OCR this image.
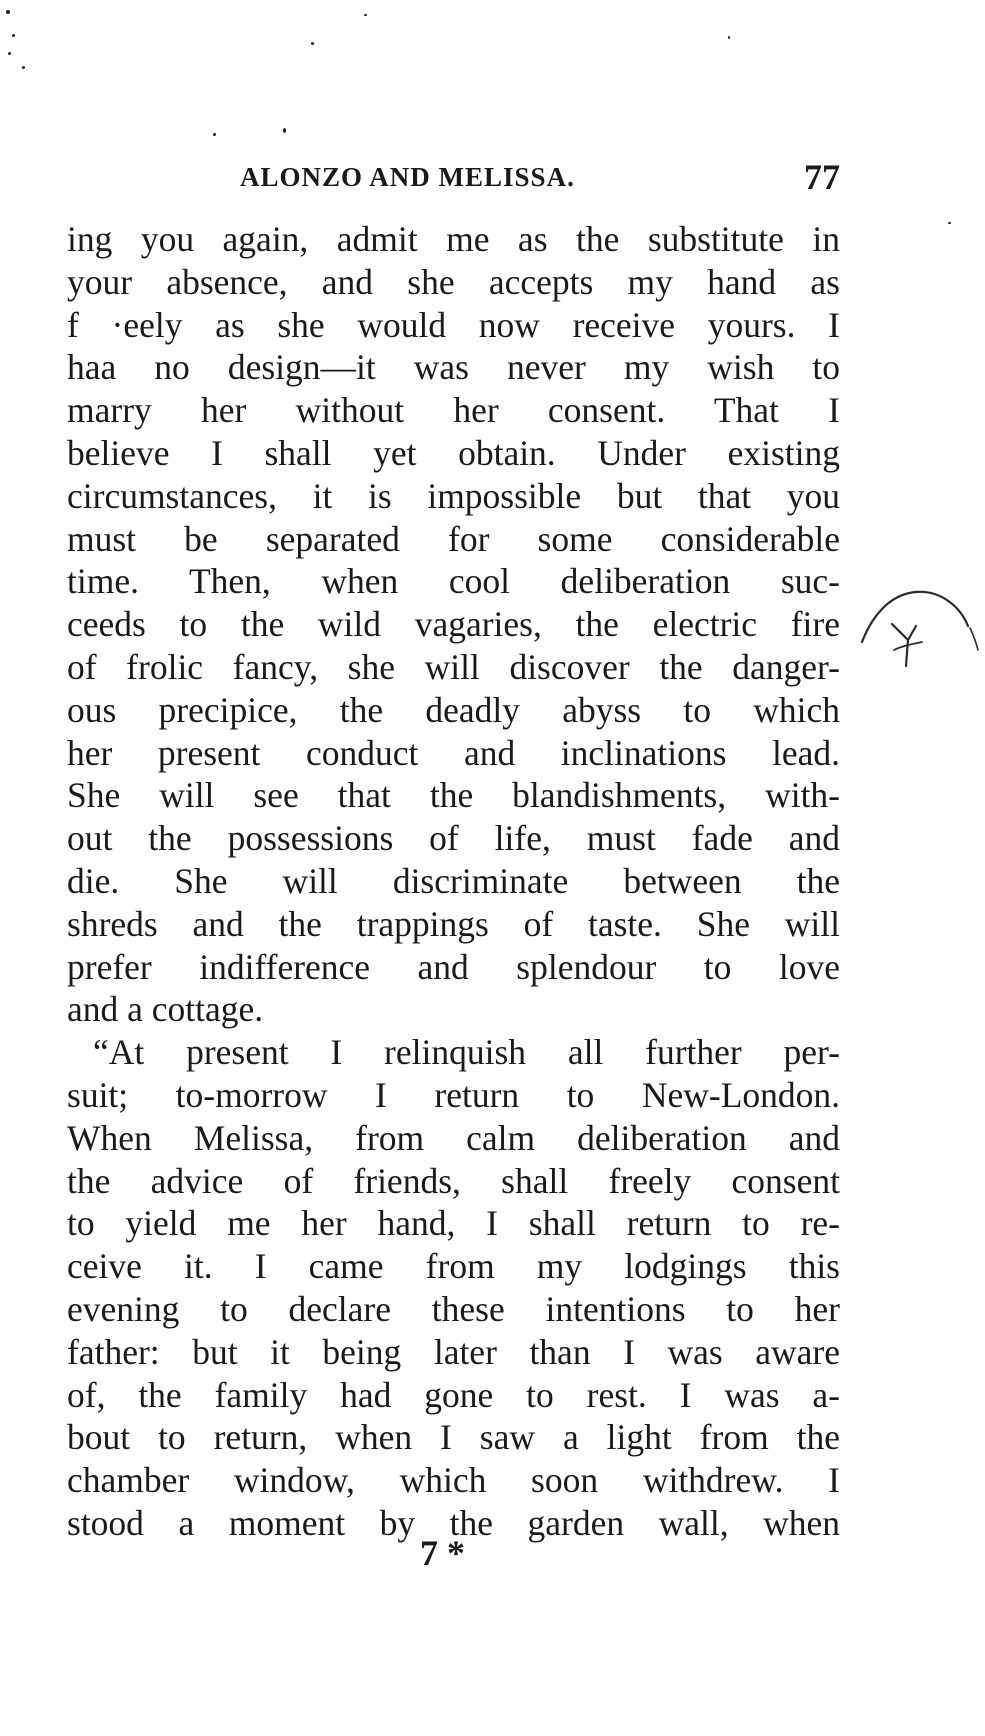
ALONZO AND MELISSA.	77
ing you again, admit me as the substitute in
your absence, and she accepts my hand as
f ·eely as she would now receive yours. I
haa no design—it was never my wish to
marry her without her consent. That I
believe I shall yet obtain. Under existing
circumstances, it is impossible but that you
must be separated for some considerable
time. Then, when cool deliberation suc-
ceeds to the wild vagaries, the electric fire
of frolic fancy, she will discover the danger-
ous precipice, the deadly abyss to which
her present conduct and inclinations lead.
She will see that the blandishments, with-
out the possessions of life, must fade and
die. She will discriminate between the
shreds and the trappings of taste. She will
prefer indifference and splendour to love
and a cottage.
“At present I relinquish all further per-
suit; to-morrow I return to New-London.
When Melissa, from calm deliberation and
the advice of friends, shall freely consent
to yield me her hand, I shall return to re-
ceive it. I came from my lodgings this
evening to declare these intentions to her
father: but it being later than I was aware
of, the family had gone to rest. I was a-
bout to return, when I saw a light from the
chamber window, which soon withdrew. I
stood a moment by the garden wall, when
7 *
